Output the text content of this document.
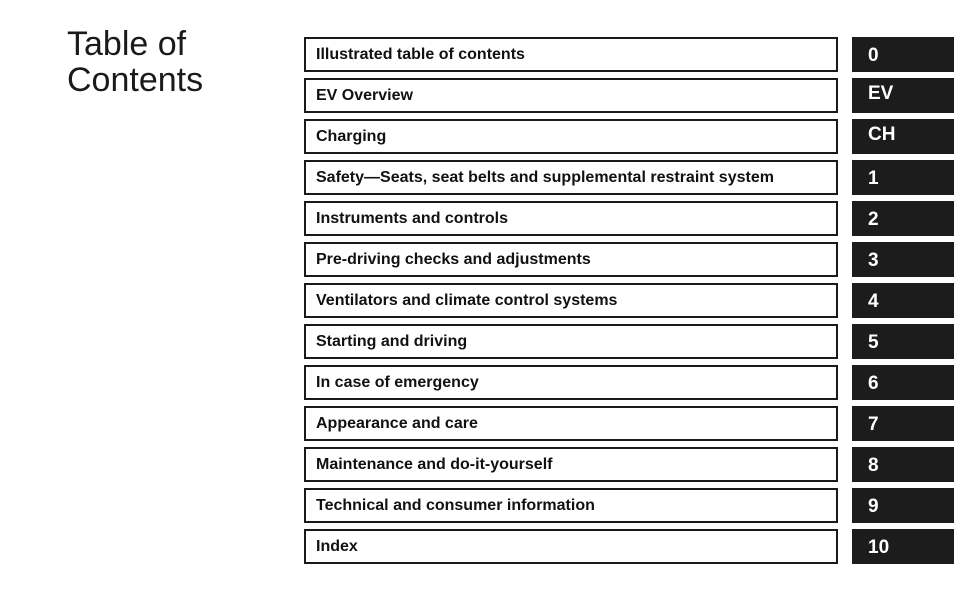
Table of
Contents
Illustrated table of contents	0
EV Overview	EV
Charging	CH
Safety—Seats, seat belts and supplemental restraint system	1
Instruments and controls	2
Pre-driving checks and adjustments	3
Ventilators and climate control systems	4
Starting and driving	5
In case of emergency	6
Appearance and care	7
Maintenance and do-it-yourself	8
Technical and consumer information	9
Index	10
